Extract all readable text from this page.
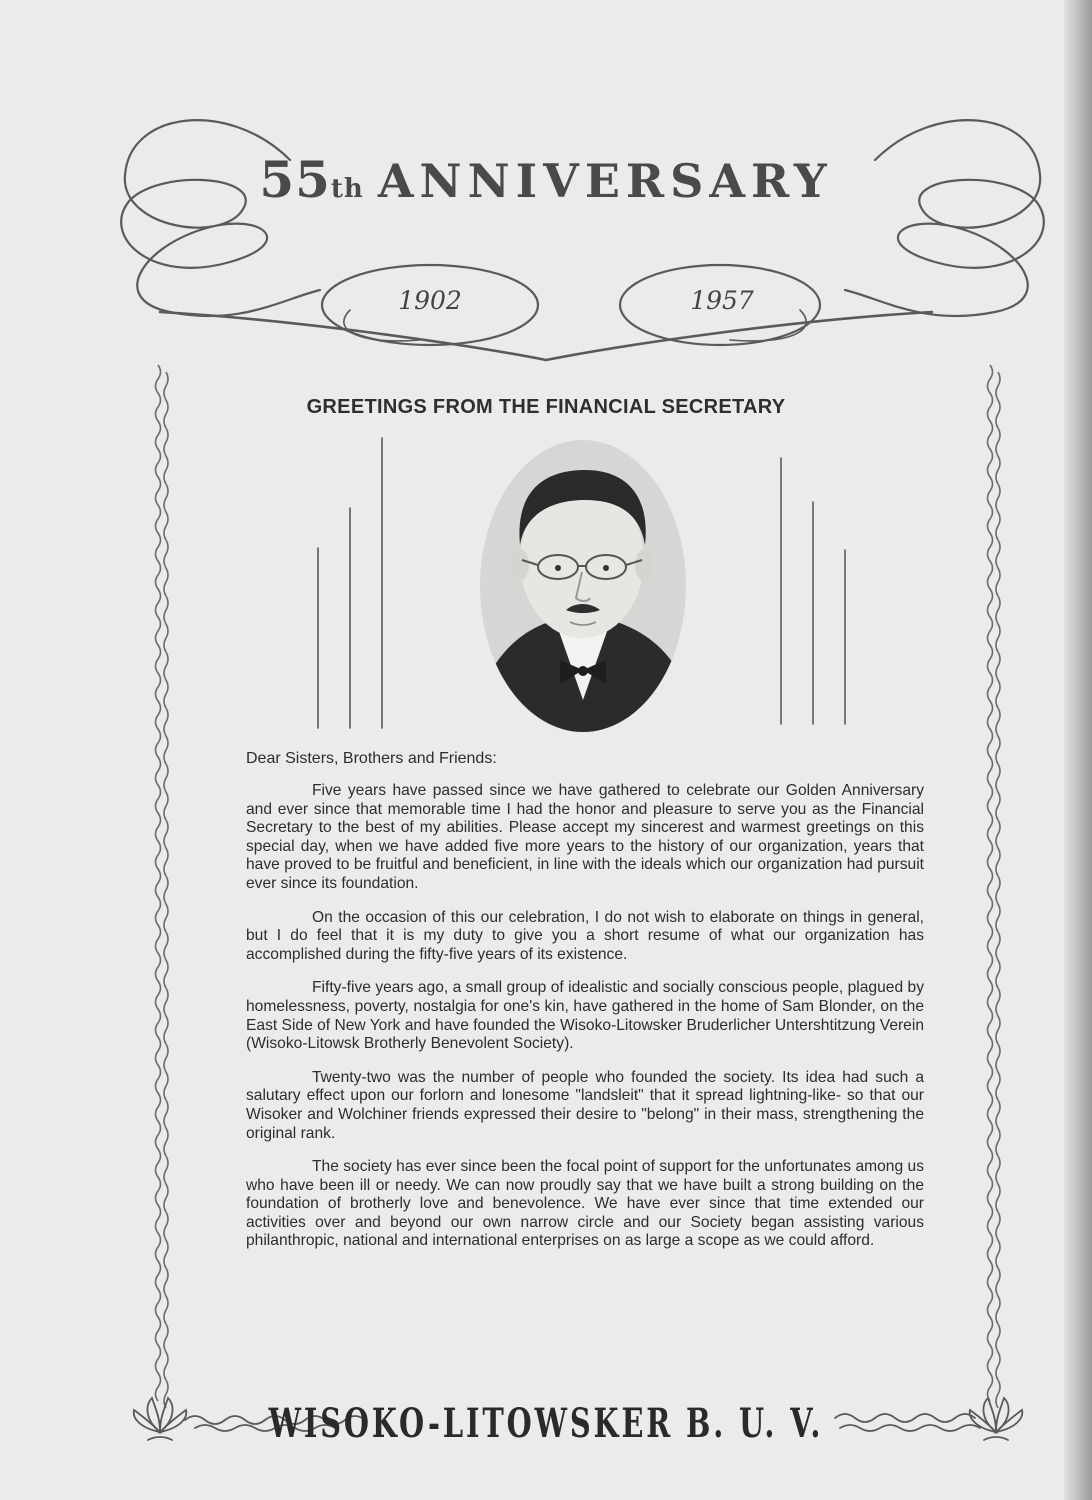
55th ANNIVERSARY
1902	1957
GREETINGS FROM THE FINANCIAL SECRETARY
Dear Sisters, Brothers and Friends:

Five years have passed since we have gathered to celebrate our Golden Anniversary and ever since that memorable time I had the honor and pleasure to serve you as the Financial Secretary to the best of my abilities. Please accept my sincerest and warmest greetings on this special day, when we have added five more years to the history of our organization, years that have proved to be fruitful and beneficient, in line with the ideals which our organization had pursuit ever since its foundation.

On the occasion of this our celebration, I do not wish to elaborate on things in general, but I do feel that it is my duty to give you a short resume of what our organization has accomplished during the fifty-five years of its existence.

Fifty-five years ago, a small group of idealistic and socially conscious people, plagued by homelessness, poverty, nostalgia for one's kin, have gathered in the home of Sam Blonder, on the East Side of New York and have founded the Wisoko-Litowsker Bruderlicher Untershtitzung Verein (Wisoko-Litowsk Brotherly Benevolent Society).

Twenty-two was the number of people who founded the society. Its idea had such a salutary effect upon our forlorn and lonesome "landsleit" that it spread lightning-like- so that our Wisoker and Wolchiner friends expressed their desire to "belong" in their mass, strengthening the original rank.

The society has ever since been the focal point of support for the unfortunates among us who have been ill or needy. We can now proudly say that we have built a strong building on the foundation of brotherly love and benevolence. We have ever since that time extended our activities over and beyond our own narrow circle and our Society began assisting various philanthropic, national and international enterprises on as large a scope as we could afford.

WISOKO-LITOWSKER B. U. V.
